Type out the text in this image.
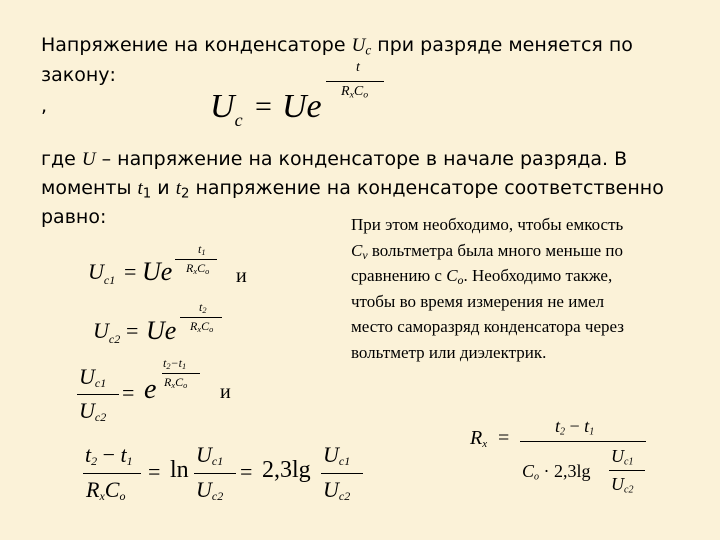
Напряжение на конденсаторе $U_c$ при разряде меняется по
закону:
,	$U_c = Ue$
t
$R_xC_o$
где U – напряжение на конденсаторе в начале разряда. В
моменты $t_1$ и $t_2$ напряжение на конденсаторе соответственно
равно:	При этом необходимо, чтобы емкость

$C_v$ вольтметра была много меньше по

сравнению с $C_o$. Необходимо также,

чтобы во время измерения не имел

место саморазряд конденсатора через

вольтметр или диэлектрик.

$U_{c1} = Ue$
$t_1$
$R_xC_o$ и
$U_{c2} = Ue$
$t_2$
$R_xC_o$
$U_{c1}$
$U_{c2}$
= e
$t_2-t_1$
$R_xC_o$ и
$t_2 - t_1$
$R_xC_o$
= ln
$U_{c1}$
$U_{c2}$
= 2,3lg
$U_{c1}$
$U_{c2}$
$R_x$ =
$t_2 - t_1$
$C_o \cdot 2,3\lg$
$U_{c1}$
$U_{c2}$
